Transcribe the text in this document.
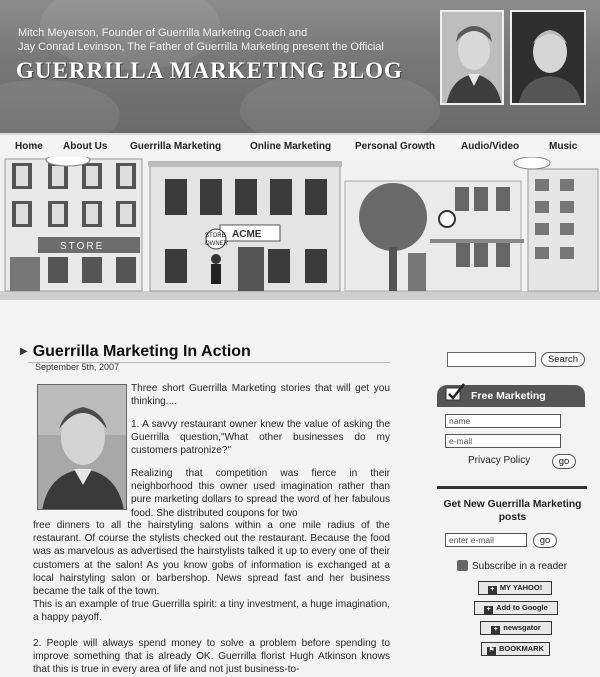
Mitch Meyerson, Founder of Guerrilla Marketing Coach and
Jay Conrad Levinson, The Father of Guerrilla Marketing present the Official
GUERRILLA MARKETING BLOG
Home About Us Guerrilla Marketing	Online Marketing Personal Growth	Audio/Video	Music
STORE
ACME
STORE
OWNER
▶ Guerrilla Marketing In Action
September 5th, 2007
Three short Guerrilla Marketing stories that will get you thinking....
1. A savvy restaurant owner knew the value of asking the Guerrilla question,"What other businesses do my customers patronize?"
Realizing that competition was fierce in their neighborhood this owner used imagination rather than pure marketing dollars to spread the word of her fabulous food. She distributed coupons for two
free dinners to all the hairstyling salons within a one mile radius of the restaurant. Of course the stylists checked out the restaurant. Because the food was as marvelous as advertised the hairstylists talked it up to every one of their customers at the salon! As you know gobs of information is exchanged at a local hairstyling salon or barbershop. News spread fast and her business became the talk of the town.
This is an example of true Guerrilla spirit: a tiny investment, a huge imagination, a happy payoff.
2. People will always spend money to solve a problem before spending to improve something that is already OK. Guerrilla florist Hugh Atkinson knows that this is true in every area of life and not just business-to-
Search
Free Marketing
name
e-mail
Privacy Policy	go
Get New Guerrilla Marketing posts
enter e-mail	go
Subscribe in a reader
+ MY YAHOO!
+ Add to Google
+ newsgator
⚑ BOOKMARK
